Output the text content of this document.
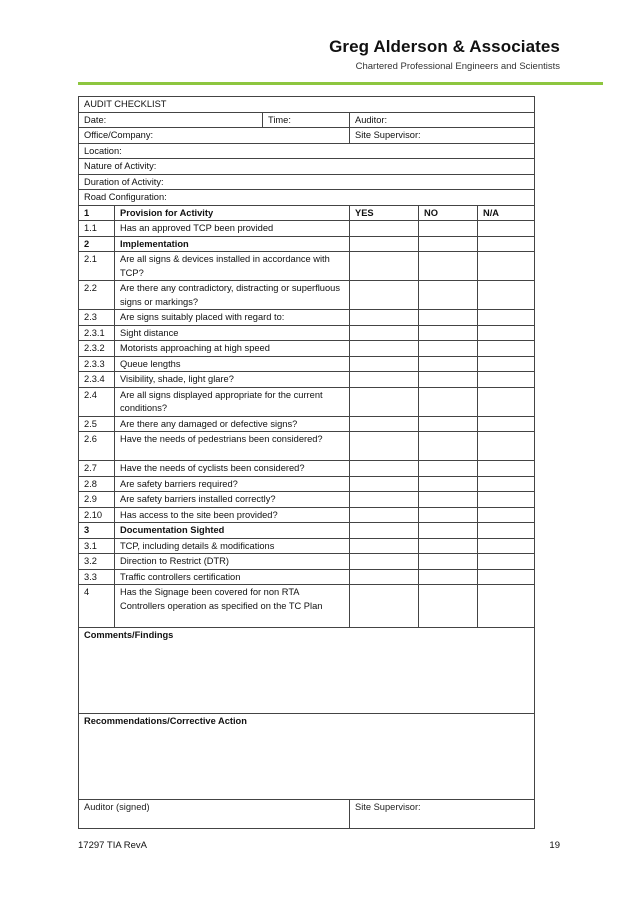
Greg Alderson & Associates
Chartered Professional Engineers and Scientists
AUDIT CHECKLIST					
Date:		Time:	Auditor:		
Office/Company:			Site Supervisor:		
Location:					
Nature of Activity:					
Duration of Activity:					
Road Configuration:					
1	Provision for Activity		YES	NO	N/A
1.1	Has an approved TCP been provided				
2	Implementation				
2.1	Are all signs & devices installed in accordance with TCP?				
2.2	Are there any contradictory, distracting or superfluous signs or markings?				
2.3	Are signs suitably placed with regard to:				
2.3.1	Sight distance				
2.3.2	Motorists approaching at high speed				
2.3.3	Queue lengths				
2.3.4	Visibility, shade, light glare?				
2.4	Are all signs displayed appropriate for the current conditions?				
2.5	Are there any damaged or defective signs?				
2.6	Have the needs of pedestrians been considered?				
2.7	Have the needs of cyclists been considered?				
2.8	Are safety barriers required?				
2.9	Are safety barriers installed correctly?				
2.10	Has access to the site been provided?				
3	Documentation Sighted				
3.1	TCP, including details & modifications				
3.2	Direction to Restrict (DTR)				
3.3	Traffic controllers certification				
4	Has the Signage been covered for non RTA Controllers operation as specified on the TC Plan				
Comments/Findings					
Recommendations/Corrective Action					
Auditor (signed)			Site Supervisor:		
17297 TIA RevA	19
